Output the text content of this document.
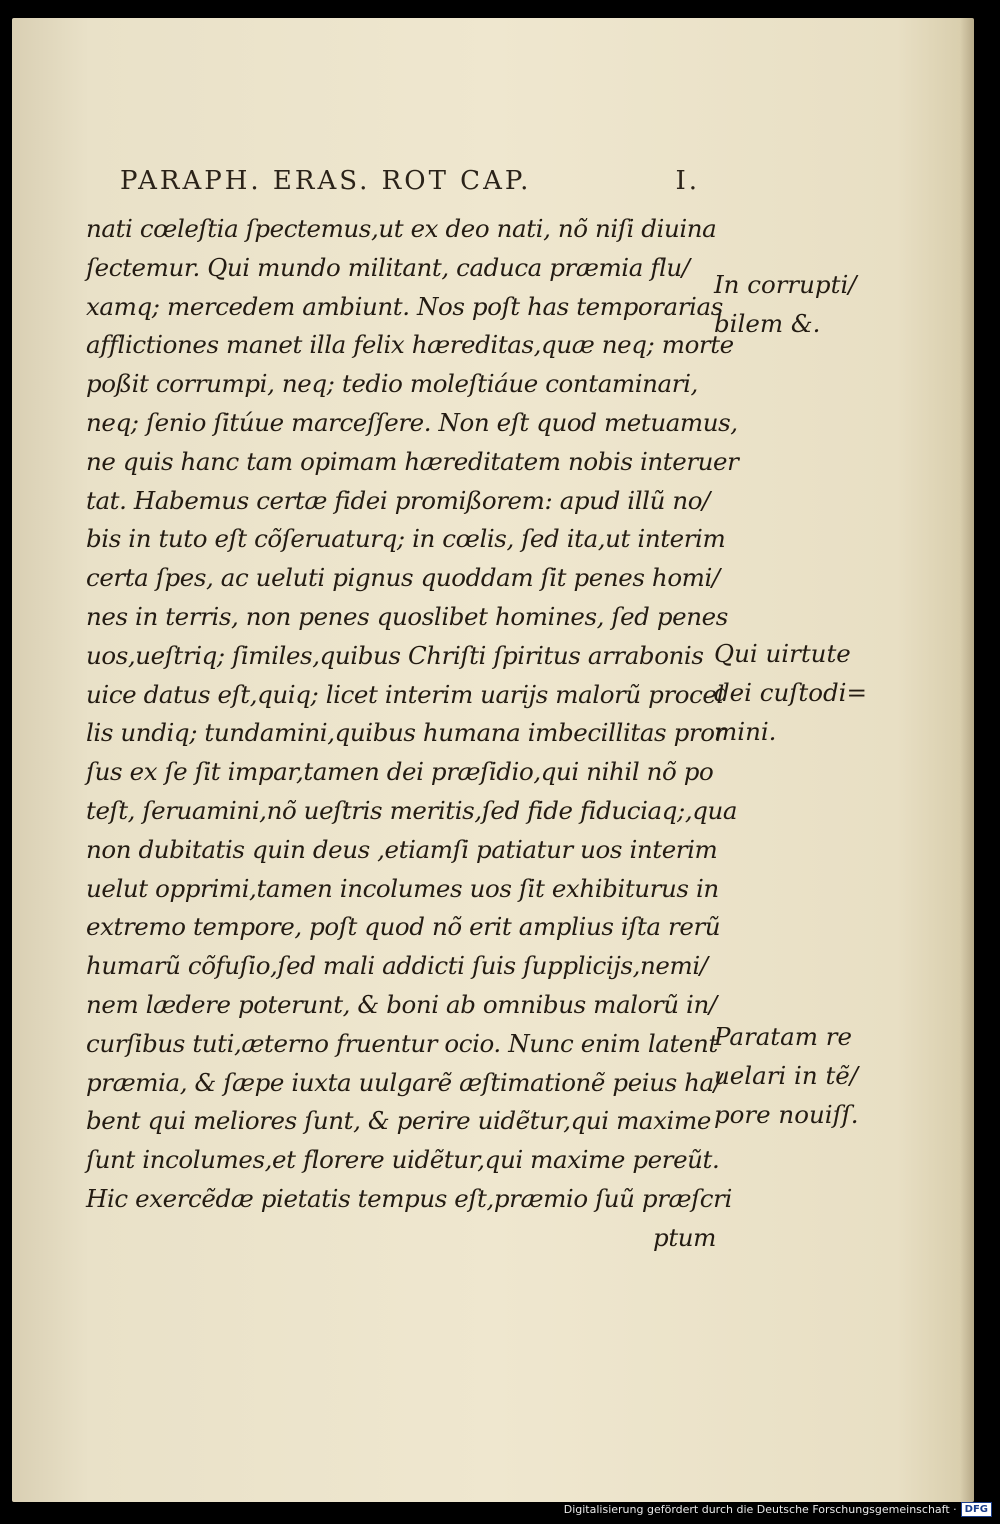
PARAPH. ERAS. ROT CAP.	I.
nati cœleſtia ſpectemus,ut ex deo nati, nõ niſi diuina
ſectemur. Qui mundo militant, caduca præmia flu/
xamq; mercedem ambiunt. Nos poſt has temporarias
afflictiones manet illa felix hæreditas,quæ neq; morte
poßit corrumpi, neq; tedio moleſtiáue contaminari,
neq; ſenio ſitúue marceſſere. Non eſt quod metuamus,
ne quis hanc tam opimam hæreditatem nobis interuer
tat. Habemus certæ fidei promißorem: apud illũ no/
bis in tuto eſt cõſeruaturq; in cœlis, ſed ita,ut interim
certa ſpes, ac ueluti pignus quoddam ſit penes homi/
nes in terris, non penes quoslibet homines, ſed penes
uos,ueſtriq; ſimiles,quibus Chriſti ſpiritus arrabonis
uice datus eſt,quiq; licet interim uarijs malorũ procel
lis undiq; tundamini,quibus humana imbecillitas pror
ſus ex ſe ſit impar,tamen dei præſidio,qui nihil nõ po
teſt, ſeruamini,nõ ueſtris meritis,ſed fide fiduciaq;,qua
non dubitatis quin deus ,etiamſi patiatur uos interim
uelut opprimi,tamen incolumes uos ſit exhibiturus in
extremo tempore, poſt quod nõ erit amplius iſta rerũ
humarũ cõfuſio,ſed mali addicti ſuis ſupplicijs,nemi/
nem lædere poterunt, & boni ab omnibus malorũ in/
curſibus tuti,æterno fruentur ocio. Nunc enim latent
præmia, & ſæpe iuxta uulgarẽ æſtimationẽ peius ha/
bent qui meliores ſunt, & perire uidẽtur,qui maxime
ſunt incolumes,et florere uidẽtur,qui maxime pereũt.
Hic exercẽdæ pietatis tempus eſt,præmio ſuũ præſcri
ptum
In corrupti/
bilem &.
Qui uirtute
dei cuſtodi=
mini.
Paratam re
uelari in tẽ/
pore nouiſſ.
Digitalisierung gefördert durch die Deutsche Forschungsgemeinschaft · DFG
